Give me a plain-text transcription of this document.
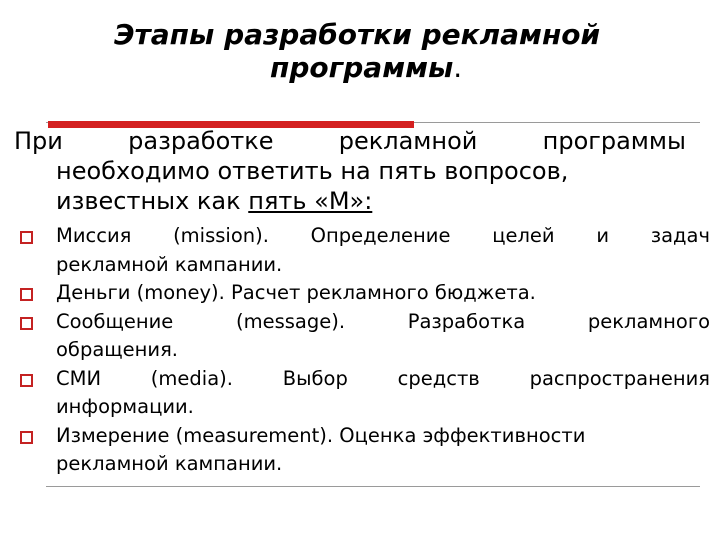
Этапы разработки рекламной
программы.
При	разработке	рекламной	программы
необходимо ответить на пять вопросов,
известных как пять «М»:
Миссия (mission). Определение целей и задач
рекламной кампании.
Деньги (money). Расчет рекламного бюджета.
Сообщение (message). Разработка рекламного
обращения.
СМИ (media). Выбор средств распространения
информации.
Измерение (measurement). Оценка эффективности
рекламной кампании.
